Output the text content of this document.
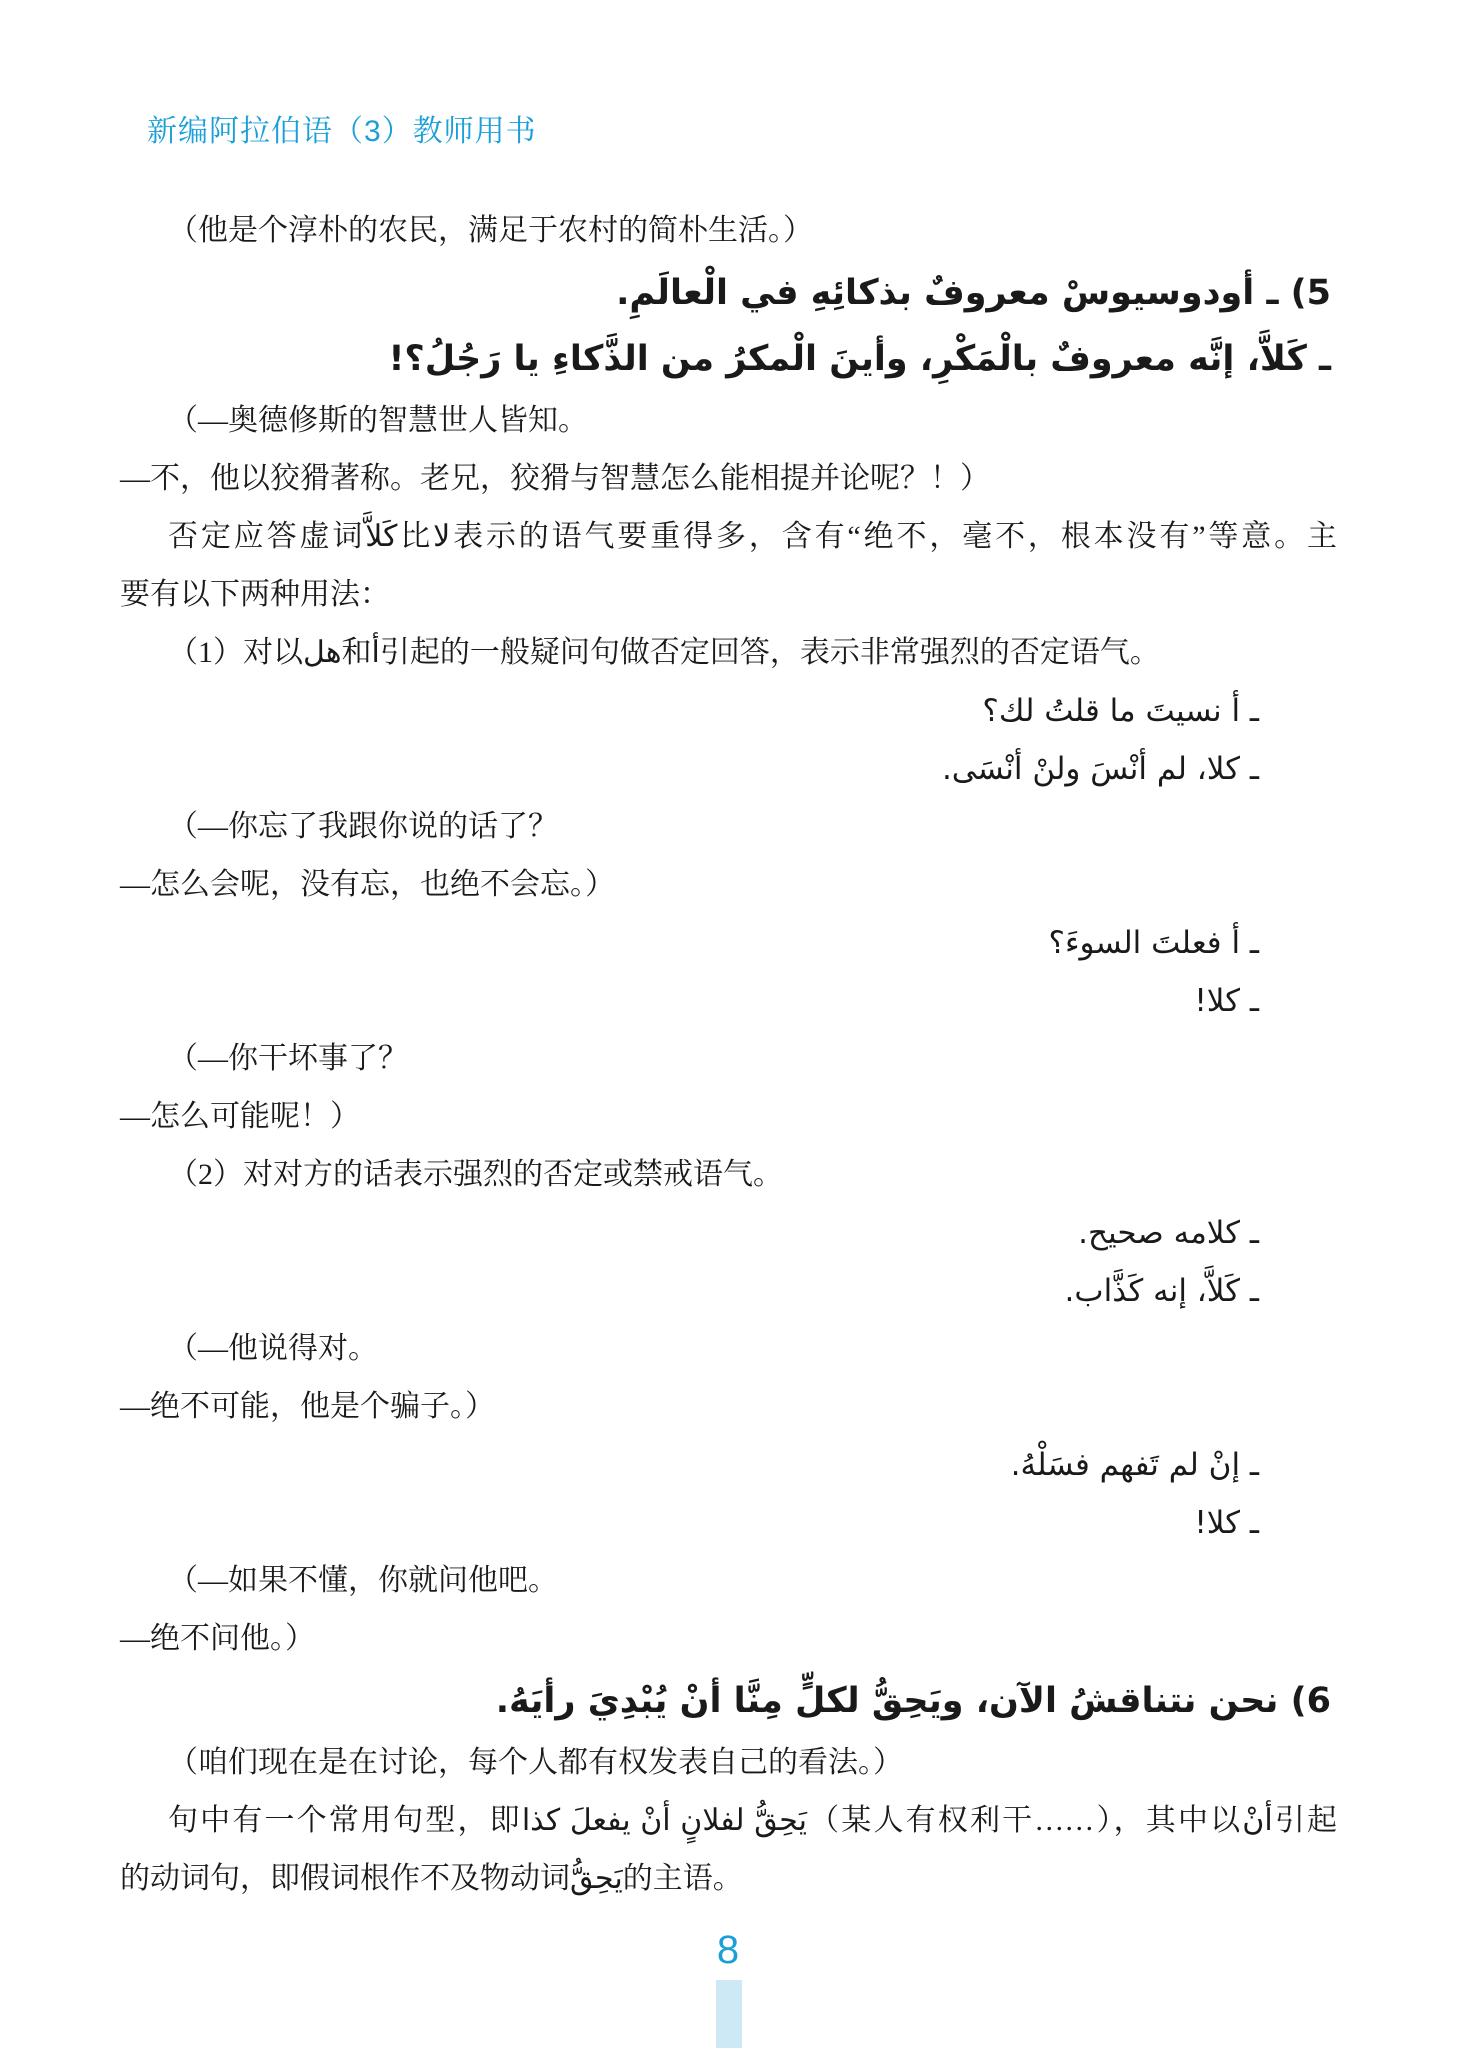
新编阿拉伯语（3）教师用书
（他是个淳朴的农民，满足于农村的简朴生活。）
5) ـ أودوسيوسْ معروفٌ بذكائِهِ في الْعالَمِ.
ـ كَلاَّ، إنَّه معروفٌ بالْمَكْرِ، وأينَ الْمكرُ من الذَّكاءِ يا رَجُلُ؟!
（—奥德修斯的智慧世人皆知。
—不，他以狡猾著称。老兄，狡猾与智慧怎么能相提并论呢？！）
否定应答虚词كَلاَّ比لا表示的语气要重得多，含有“绝不，毫不，根本没有”等意。主
要有以下两种用法：
（1）对以هل和أ引起的一般疑问句做否定回答，表示非常强烈的否定语气。
ـ أ نسيتَ ما قلتُ لك؟
ـ كلا، لم أنْسَ ولنْ أنْسَى.
（—你忘了我跟你说的话了？
—怎么会呢，没有忘，也绝不会忘。）
ـ أ فعلتَ السوءَ؟
ـ كلا!
（—你干坏事了？
—怎么可能呢！）
（2）对对方的话表示强烈的否定或禁戒语气。
ـ كلامه صحيح.
ـ كَلاَّ، إنه كَذَّاب.
（—他说得对。
—绝不可能，他是个骗子。）
ـ إنْ لم تَفهم فسَلْهُ.
ـ كلا!
（—如果不懂，你就问他吧。
—绝不问他。）
6) نحن نتناقشُ الآن، ويَحِقُّ لكلٍّ مِنَّا أنْ يُبْدِيَ رأيَهُ.
（咱们现在是在讨论，每个人都有权发表自己的看法。）
句中有一个常用句型，即يَحِقُّ لفلانٍ أنْ يفعلَ كذا（某人有权利干……），其中以أنْ引起
的动词句，即假词根作不及物动词يَحِقُّ的主语。
8
